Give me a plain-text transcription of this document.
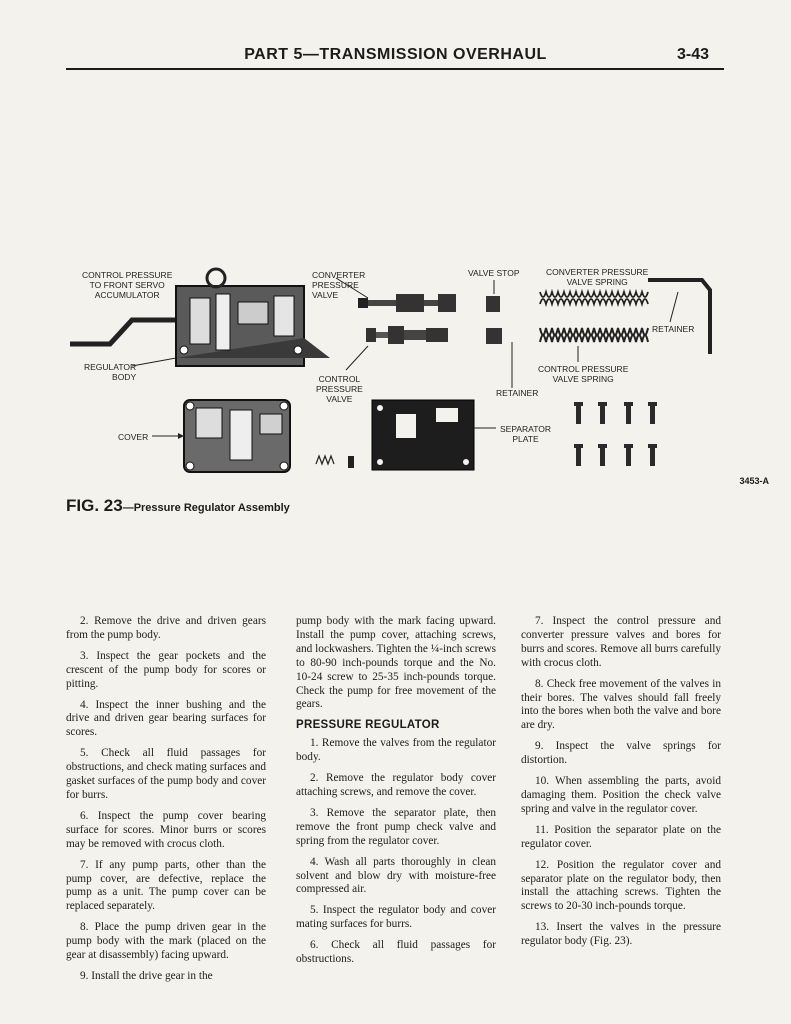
PART 5—TRANSMISSION OVERHAUL	3-43
CONTROL PRESSURE
TO FRONT SERVO
ACCUMULATOR
REGULATOR
BODY
COVER
CONVERTER
PRESSURE
VALVE
CONTROL
PRESSURE
VALVE
VALVE STOP
RETAINER
CONVERTER PRESSURE
VALVE SPRING
RETAINER
CONTROL PRESSURE
VALVE SPRING
SEPARATOR
PLATE
3453-A
FIG. 23—Pressure Regulator Assembly

2. Remove the drive and driven gears from the pump body.

3. Inspect the gear pockets and the crescent of the pump body for scores or pitting.

4. Inspect the inner bushing and the drive and driven gear bearing surfaces for scores.

5. Check all fluid passages for obstructions, and check mating surfaces and gasket surfaces of the pump body and cover for burrs.

6. Inspect the pump cover bearing surface for scores. Minor burrs or scores may be removed with crocus cloth.

7. If any pump parts, other than the pump cover, are defective, replace the pump as a unit. The pump cover can be replaced separately.

8. Place the pump driven gear in the pump body with the mark (placed on the gear at disassembly) facing upward.

9. Install the drive gear in the

pump body with the mark facing upward. Install the pump cover, attaching screws, and lockwashers. Tighten the ¼-inch screws to 80-90 inch-pounds torque and the No. 10-24 screw to 25-35 inch-pounds torque. Check the pump for free movement of the gears.

PRESSURE REGULATOR

1. Remove the valves from the regulator body.

2. Remove the regulator body cover attaching screws, and remove the cover.

3. Remove the separator plate, then remove the front pump check valve and spring from the regulator cover.

4. Wash all parts thoroughly in clean solvent and blow dry with moisture-free compressed air.

5. Inspect the regulator body and cover mating surfaces for burrs.

6. Check all fluid passages for obstructions.

7. Inspect the control pressure and converter pressure valves and bores for burrs and scores. Remove all burrs carefully with crocus cloth.

8. Check free movement of the valves in their bores. The valves should fall freely into the bores when both the valve and bore are dry.

9. Inspect the valve springs for distortion.

10. When assembling the parts, avoid damaging them. Position the check valve spring and valve in the regulator cover.

11. Position the separator plate on the regulator cover.

12. Position the regulator cover and separator plate on the regulator body, then install the attaching screws. Tighten the screws to 20-30 inch-pounds torque.

13. Insert the valves in the pressure regulator body (Fig. 23).
